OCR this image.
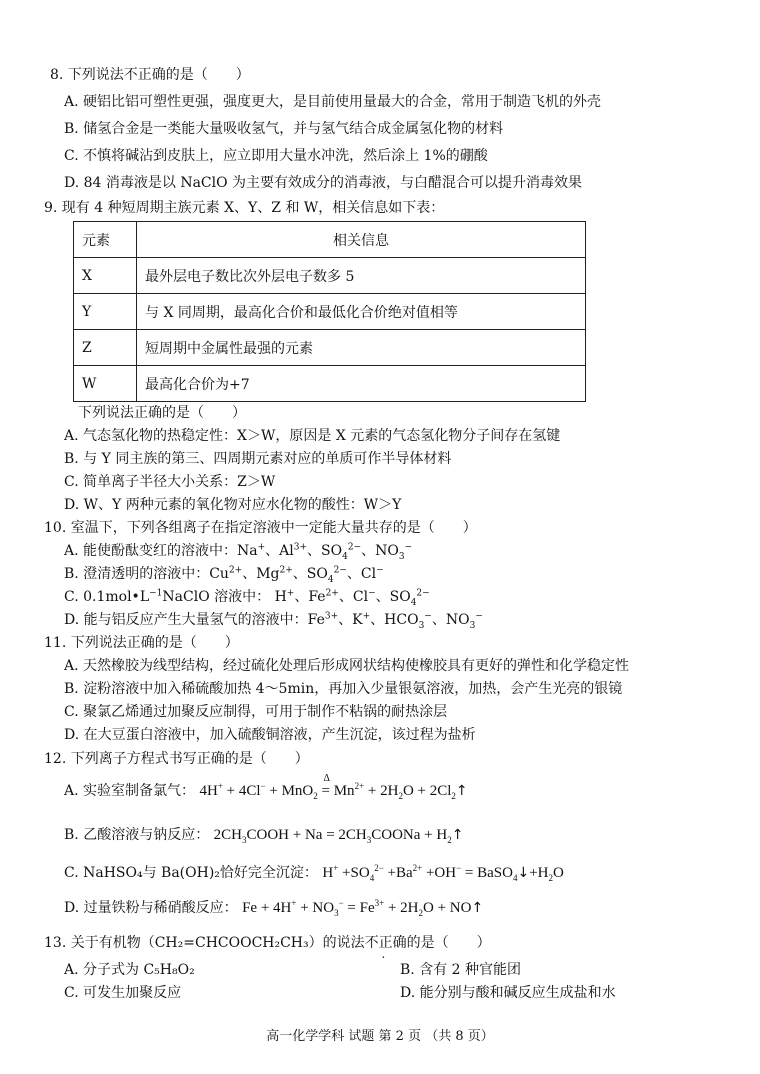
8. 下列说法不正确的是（　　）
A. 硬铝比铝可塑性更强，强度更大，是目前使用量最大的合金，常用于制造飞机的外壳
B. 储氢合金是一类能大量吸收氢气，并与氢气结合成金属氢化物的材料
C. 不慎将碱沾到皮肤上，应立即用大量水冲洗，然后涂上 1%的硼酸
D. 84 消毒液是以 NaClO 为主要有效成分的消毒液，与白醋混合可以提升消毒效果
9. 现有 4 种短周期主族元素 X、Y、Z 和 W，相关信息如下表：
元素	相关信息
X	最外层电子数比次外层电子数多 5
Y	与 X 同周期，最高化合价和最低化合价绝对值相等
Z	短周期中金属性最强的元素
W	最高化合价为+7
下列说法正确的是（　　）
A. 气态氢化物的热稳定性：X＞W，原因是 X 元素的气态氢化物分子间存在氢键
B. 与 Y 同主族的第三、四周期元素对应的单质可作半导体材料
C. 简单离子半径大小关系：Z＞W
D. W、Y 两种元素的氧化物对应水化物的酸性：W＞Y
10. 室温下，下列各组离子在指定溶液中一定能大量共存的是（　　）
A. 能使酚酞变红的溶液中：Na+、$Al^{3+}$、$SO_4^{2-}$、$NO_3^-$
B. 澄清透明的溶液中：$Cu^{2+}$、$Mg^{2+}$、$SO_4^{2-}$、Cl−
C. $0.1mol•L^{-1}NaClO$ 溶液中： H+、$Fe^{2+}$、Cl−、$SO_4^{2-}$
D. 能与铝反应产生大量氢气的溶液中：$Fe^{3+}$、K+、$HCO_3^-$、$NO_3^-$
11. 下列说法正确的是（　　）
A. 天然橡胶为线型结构，经过硫化处理后形成网状结构使橡胶具有更好的弹性和化学稳定性
B. 淀粉溶液中加入稀硫酸加热 4～5min，再加入少量银氨溶液，加热，会产生光亮的银镜
C. 聚氯乙烯通过加聚反应制得，可用于制作不粘锅的耐热涂层
D. 在大豆蛋白溶液中，加入硫酸铜溶液，产生沉淀，该过程为盐析
12. 下列离子方程式书写正确的是（　　）
A. 实验室制备氯气： 4H+ + 4Cl− + MnO$_2$
Δ
= $Mn^{2+} + 2H_2O$ + $2Cl_2↑$
B. 乙酸溶液与钠反应： $2CH_3COOH + Na$ = $2CH_3COONa$ + $H_2↑$
C. NaHSO₄与 Ba(OH)₂恰好完全沉淀： $H^+ +SO_4^{2-} +Ba^{2+} +OH^-$ = $BaSO_4↓+H_2O$
D. 过量铁粉与稀硝酸反应： $Fe + 4H^+ + NO_3^- = Fe^{3+} + 2H_2O$ + NO↑
13. 关于有机物（CH₂=CHCOOCH₂CH₃）的说法不正确的是（　　）
A. 分子式为 C₅H₈O₂	B. 含有 2 种官能团
C. 可发生加聚反应	D. 能分别与酸和碱反应生成盐和水
高一化学学科 试题 第 2 页 （共 8 页）
